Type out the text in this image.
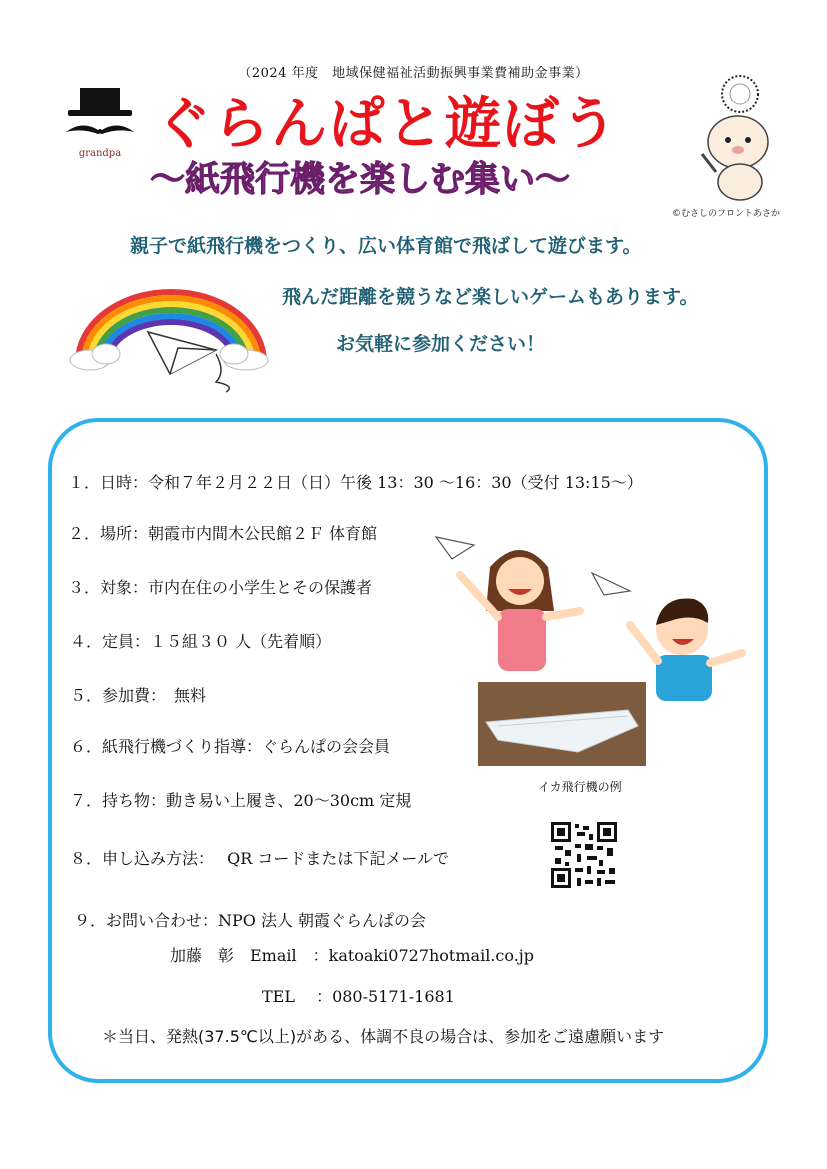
（2024 年度　地域保健福祉活動振興事業費補助金事業）
grandpa ぐらんぱと遊ぼう
～紙飛行機を楽しむ集い～
©むさしのフロントあさか
親子で紙飛行機をつくり、広い体育館で飛ばして遊びます。
飛んだ距離を競うなど楽しいゲームもあります。
お気軽に参加ください！
１．日時：令和７年２月２２日（日）午後 13：30 ～16：30（受付 13:15～）
２．場所：朝霞市内間木公民館２Ｆ 体育館
３．対象：市内在住の小学生とその保護者
４．定員：１５組３０ 人（先着順）
５．参加費：　無料
６．紙飛行機づくり指導：ぐらんぱの会会員
７．持ち物：動き易い上履き、20～30cm 定規
８．申し込み方法：　 QR コードまたは下記メールで
９．お問い合わせ：NPO 法人 朝霞ぐらんぱの会
加藤　彰　Email　：katoaki0727hotmail.co.jp
TEL　 ：080-5171-1681
イカ飛行機の例
＊当日、発熱(37.5℃以上)がある、体調不良の場合は、参加をご遠慮願います
